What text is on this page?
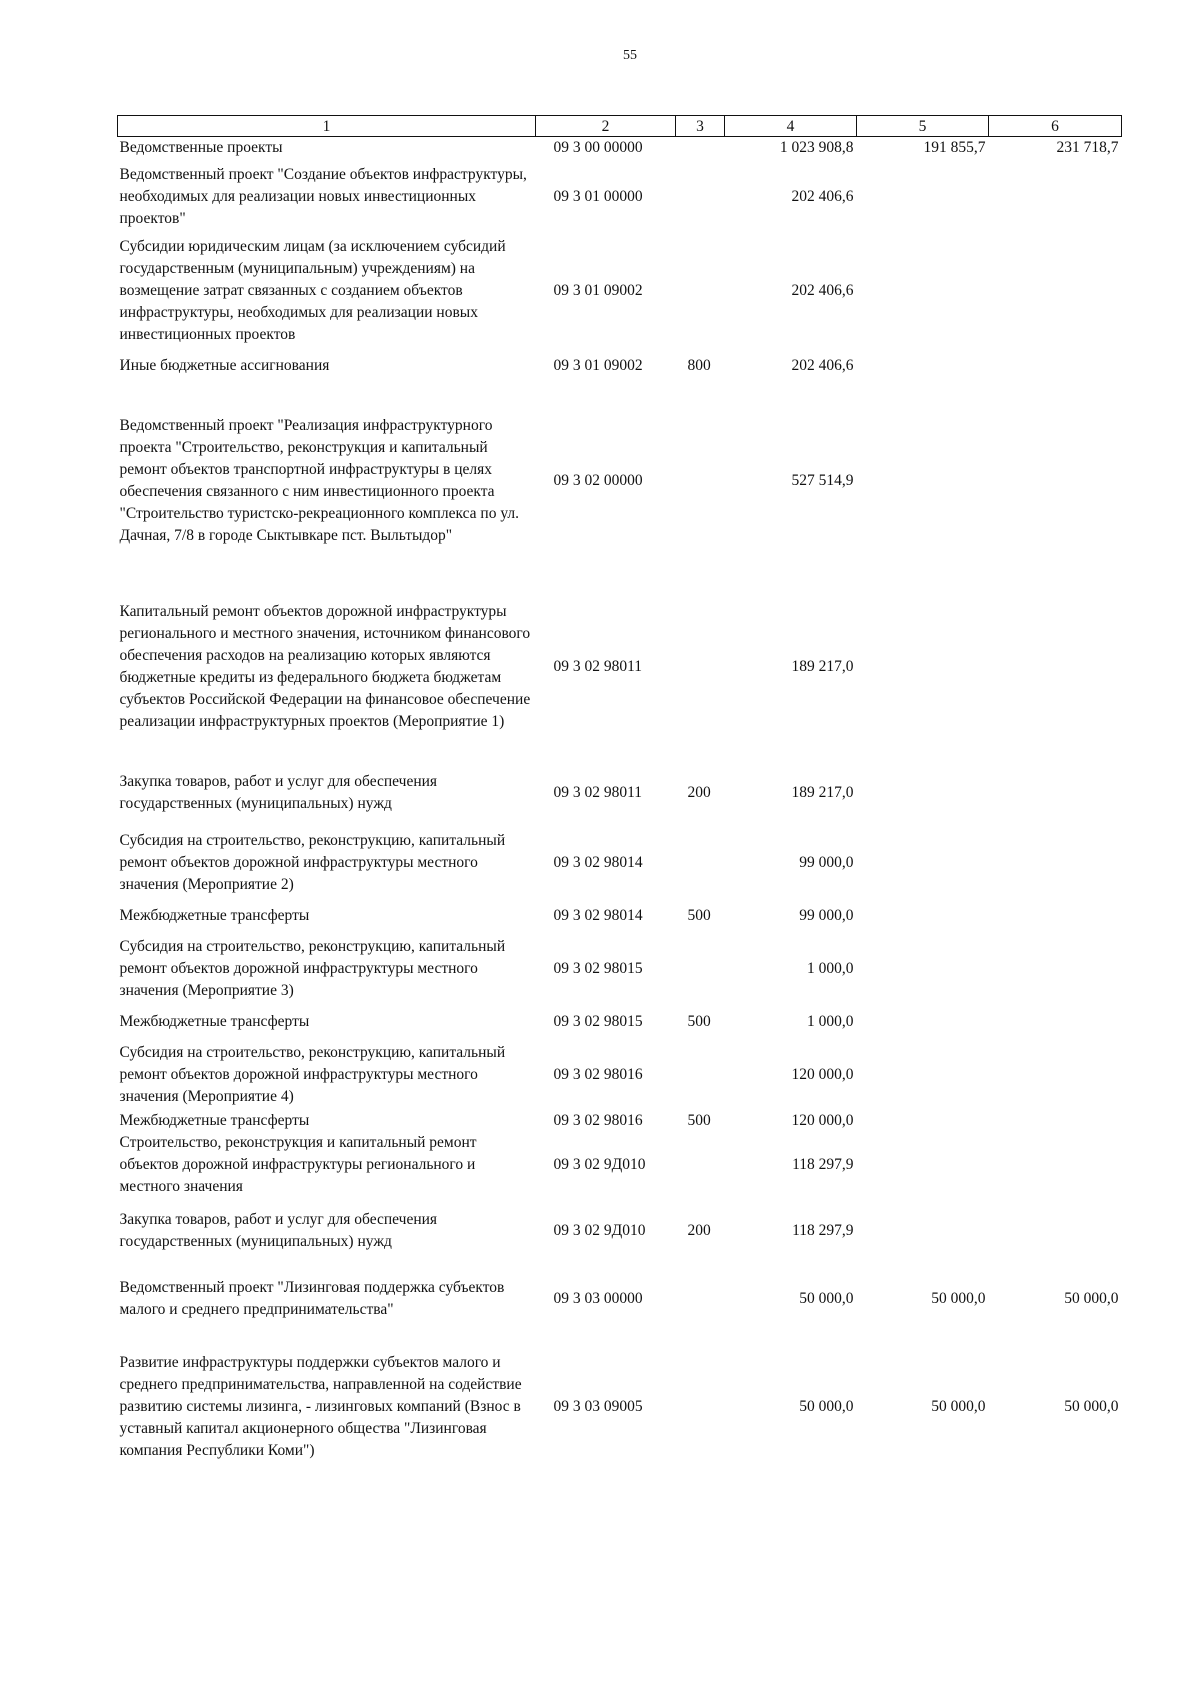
55
1	2	3	4	5	6
Ведомственные проекты	09 3 00 00000		1 023 908,8	191 855,7	231 718,7
Ведомственный проект "Создание объектов инфраструктуры, необходимых для реализации новых инвестиционных проектов"	09 3 01 00000		202 406,6		
Субсидии юридическим лицам (за исключением субсидий государственным (муниципальным) учреждениям) на возмещение затрат связанных с созданием объектов инфраструктуры, необходимых для реализации новых инвестиционных проектов	09 3 01 09002		202 406,6		
Иные бюджетные ассигнования	09 3 01 09002	800	202 406,6		
Ведомственный проект "Реализация инфраструктурного проекта "Строительство, реконструкция и капитальный ремонт объектов транспортной инфраструктуры в целях обеспечения связанного с ним инвестиционного проекта "Строительство туристско-рекреационного комплекса по ул. Дачная, 7/8 в городе Сыктывкаре пст. Выльтыдор"	09 3 02 00000		527 514,9		
Капитальный ремонт объектов дорожной инфраструктуры регионального и местного значения, источником финансового обеспечения расходов на реализацию которых являются бюджетные кредиты из федерального бюджета бюджетам субъектов Российской Федерации на финансовое обеспечение реализации инфраструктурных проектов (Мероприятие 1)	09 3 02 98011		189 217,0		
Закупка товаров, работ и услуг для обеспечения государственных (муниципальных) нужд	09 3 02 98011	200	189 217,0		
Субсидия на строительство, реконструкцию, капитальный ремонт объектов дорожной инфраструктуры местного значения (Мероприятие 2)	09 3 02 98014		99 000,0		
Межбюджетные трансферты	09 3 02 98014	500	99 000,0		
Субсидия на строительство, реконструкцию, капитальный ремонт объектов дорожной инфраструктуры местного значения (Мероприятие 3)	09 3 02 98015		1 000,0		
Межбюджетные трансферты	09 3 02 98015	500	1 000,0		
Субсидия на строительство, реконструкцию, капитальный ремонт объектов дорожной инфраструктуры местного значения (Мероприятие 4)	09 3 02 98016		120 000,0		
Межбюджетные трансферты	09 3 02 98016	500	120 000,0		
Строительство, реконструкция и капитальный ремонт объектов дорожной инфраструктуры регионального и местного значения	09 3 02 9Д010		118 297,9		
Закупка товаров, работ и услуг для обеспечения государственных (муниципальных) нужд	09 3 02 9Д010	200	118 297,9		
Ведомственный проект "Лизинговая поддержка субъектов малого и среднего предпринимательства"	09 3 03 00000		50 000,0	50 000,0	50 000,0
Развитие инфраструктуры поддержки субъектов малого и среднего предпринимательства, направленной на содействие развитию системы лизинга, - лизинговых компаний (Взнос в уставный капитал акционерного общества "Лизинговая компания Республики Коми")	09 3 03 09005		50 000,0	50 000,0	50 000,0
